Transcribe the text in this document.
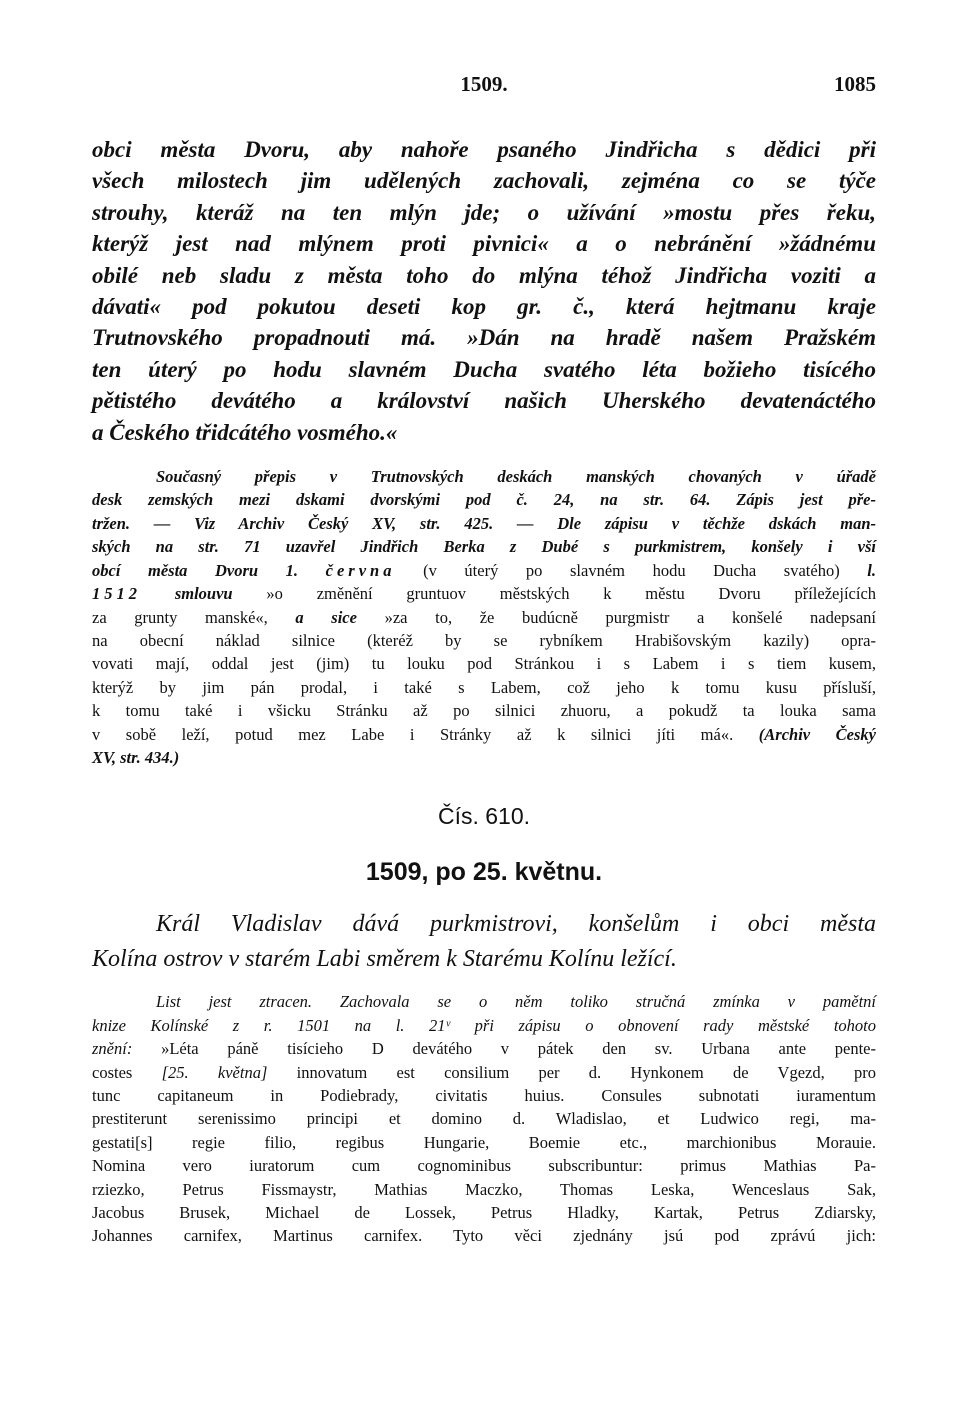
1509.	1085
obci města Dvoru, aby nahoře psaného Jindřicha s dědici při
všech milostech jim udělených zachovali, zejména co se týče
strouhy, kteráž na ten mlýn jde; o užívání »mostu přes řeku,
kterýž jest nad mlýnem proti pivnici« a o nebránění »žádnému
obilé neb sladu z města toho do mlýna téhož Jindřicha voziti a
dávati« pod pokutou deseti kop gr. č., která hejtmanu kraje
Trutnovského propadnouti má. »Dán na hradě našem Pražském
ten úterý po hodu slavném Ducha svatého léta božieho tisícého
pětistého devátého a království našich Uherského devatenáctého
a Českého třidcátého vosmého.«
Současný přepis v Trutnovských deskách manských chovaných v úřadě
desk zemských mezi dskami dvorskými pod č. 24, na str. 64. Zápis jest pře-
tržen. — Viz Archiv Český XV, str. 425. — Dle zápisu v těchže dskách man-
ských na str. 71 uzavřel Jindřich Berka z Dubé s purkmistrem, konšely i vší
obcí města Dvoru 1. června (v úterý po slavném hodu Ducha svatého) l.
1512 smlouvu »o změnění gruntuov městských k městu Dvoru příležejících
za grunty manské«, a sice »za to, že budúcně purgmistr a konšelé nadepsaní
na obecní náklad silnice (kteréž by se rybníkem Hrabišovským kazily) opra-
vovati mají, oddal jest (jim) tu louku pod Stránkou i s Labem i s tiem kusem,
kterýž by jim pán prodal, i také s Labem, což jeho k tomu kusu přísluší,
k tomu také i všicku Stránku až po silnici zhuoru, a pokudž ta louka sama
v sobě leží, potud mez Labe i Stránky až k silnici jíti má«. (Archiv Český
XV, str. 434.)
Čís. 610.
1509, po 25. květnu.
Král Vladislav dává purkmistrovi, konšelům i obci města
Kolína ostrov v starém Labi směrem k Starému Kolínu ležící.
List jest ztracen. Zachovala se o něm toliko stručná zmínka v pamětní
knize Kolínské z r. 1501 na l. 21ᵛ při zápisu o obnovení rady městské tohoto
znění: »Léta páně tisícieho D devátého v pátek den sv. Urbana ante pente-
costes [25. května] innovatum est consilium per d. Hynkonem de Vgezd, pro
tunc capitaneum in Podiebrady, civitatis huius. Consules subnotati iuramentum
prestiterunt serenissimo principi et domino d. Wladislao, et Ludwico regi, ma-
gestati[s] regie filio, regibus Hungarie, Boemie etc., marchionibus Morauie.
Nomina vero iuratorum cum cognominibus subscribuntur: primus Mathias Pa-
rziezko, Petrus Fissmaystr, Mathias Maczko, Thomas Leska, Wenceslaus Sak,
Jacobus Brusek, Michael de Lossek, Petrus Hladky, Kartak, Petrus Zdiarsky,
Johannes carnifex, Martinus carnifex. Tyto věci zjednány jsú pod zprávú jich:
